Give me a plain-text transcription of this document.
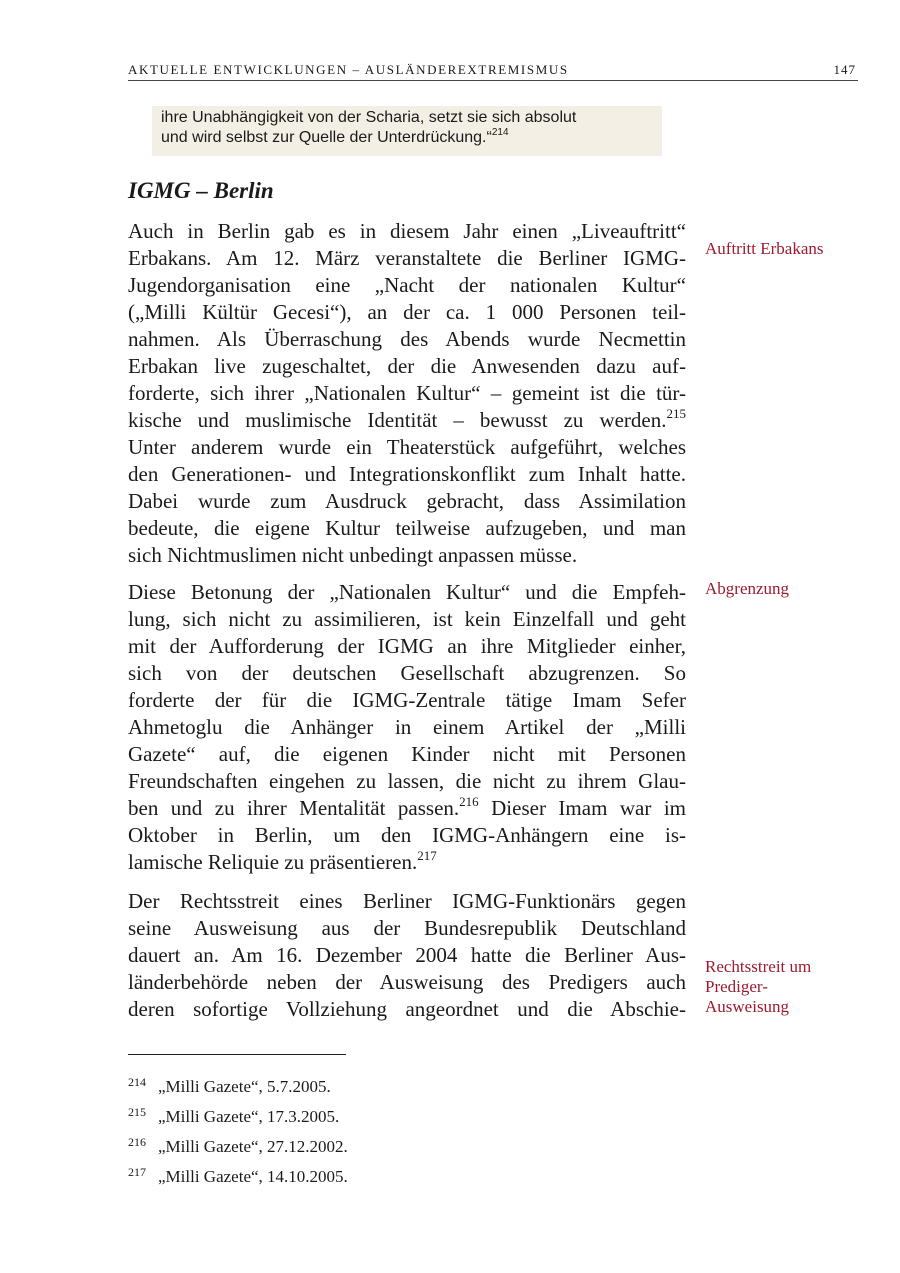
AKTUELLE ENTWICKLUNGEN – AUSLÄNDEREXTREMISMUS	147
ihre Unabhängigkeit von der Scharia, setzt sie sich absolut
und wird selbst zur Quelle der Unterdrückung.“$^{214}$
IGMG – Berlin
Auch in Berlin gab es in diesem Jahr einen „Liveauftritt“
Erbakans. Am 12. März veranstaltete die Berliner IGMG-
Jugendorganisation eine „Nacht der nationalen Kultur“
(„Milli Kültür Gecesi“), an der ca. 1 000 Personen teil-
nahmen. Als Überraschung des Abends wurde Necmettin
Erbakan live zugeschaltet, der die Anwesenden dazu auf-
forderte, sich ihrer „Nationalen Kultur“ – gemeint ist die tür-
kische und muslimische Identität – bewusst zu werden.$^{215}$
Unter anderem wurde ein Theaterstück aufgeführt, welches
den Generationen- und Integrationskonflikt zum Inhalt hatte.
Dabei wurde zum Ausdruck gebracht, dass Assimilation
bedeute, die eigene Kultur teilweise aufzugeben, und man
sich Nichtmuslimen nicht unbedingt anpassen müsse.
Diese Betonung der „Nationalen Kultur“ und die Empfeh-
lung, sich nicht zu assimilieren, ist kein Einzelfall und geht
mit der Aufforderung der IGMG an ihre Mitglieder einher,
sich von der deutschen Gesellschaft abzugrenzen. So
forderte der für die IGMG-Zentrale tätige Imam Sefer
Ahmetoglu die Anhänger in einem Artikel der „Milli
Gazete“ auf, die eigenen Kinder nicht mit Personen
Freundschaften eingehen zu lassen, die nicht zu ihrem Glau-
ben und zu ihrer Mentalität passen.$^{216}$ Dieser Imam war im
Oktober in Berlin, um den IGMG-Anhängern eine is-
lamische Reliquie zu präsentieren.$^{217}$
Der Rechtsstreit eines Berliner IGMG-Funktionärs gegen
seine Ausweisung aus der Bundesrepublik Deutschland
dauert an. Am 16. Dezember 2004 hatte die Berliner Aus-
länderbehörde neben der Ausweisung des Predigers auch
deren sofortige Vollziehung angeordnet und die Abschie-
Auftritt Erbakans
Abgrenzung
Rechtsstreit um
Prediger-
Ausweisung
214 „Milli Gazete“, 5.7.2005.
215 „Milli Gazete“, 17.3.2005.
216 „Milli Gazete“, 27.12.2002.
217 „Milli Gazete“, 14.10.2005.
